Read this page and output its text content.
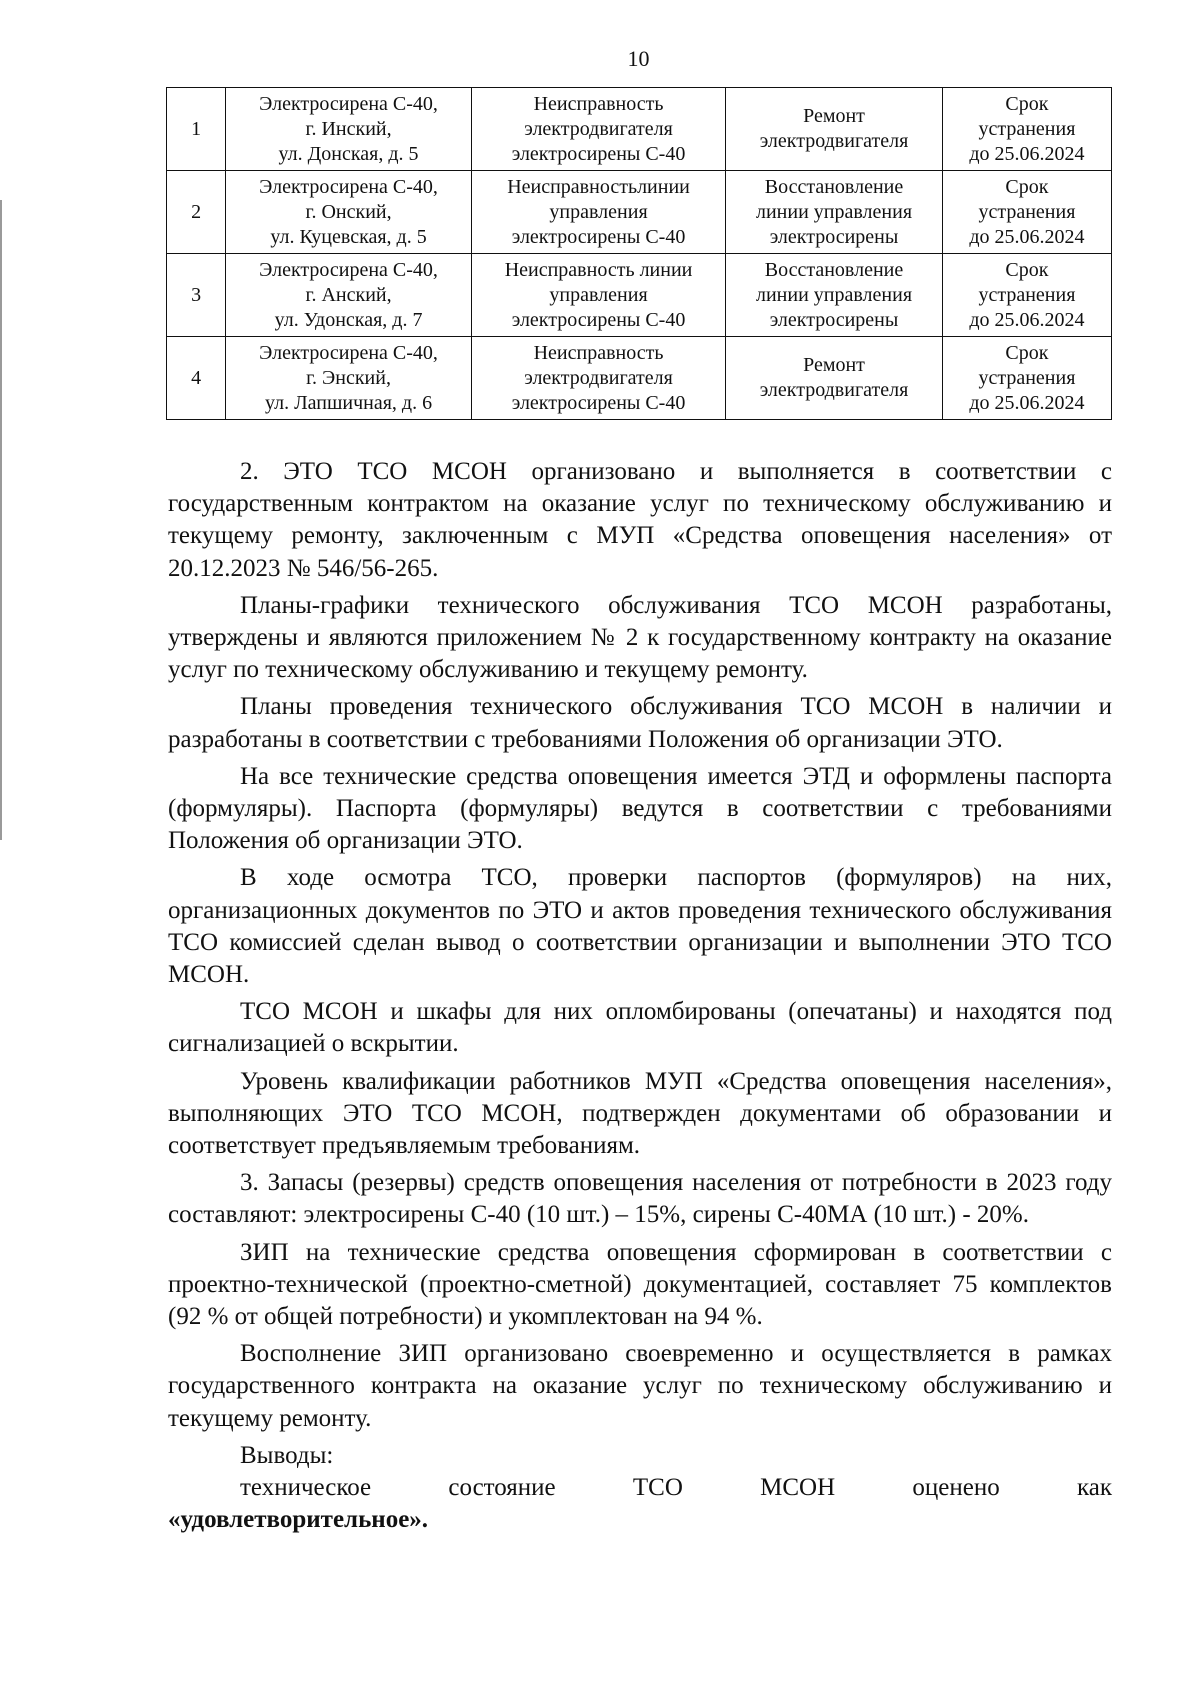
10
1	Электросирена С-40,
г. Инский,
ул. Донская, д. 5	Неисправность
электродвигателя
электросирены С-40	Ремонт
электродвигателя	Срок
устранения
до 25.06.2024

2	Электросирена С-40,
г. Онский,
ул. Куцевская, д. 5	Неисправностьлинии
управления
электросирены С-40	Восстановление
линии управления
электросирены	Срок
устранения
до 25.06.2024

3	Электросирена С-40,
г. Анский,
ул. Удонская, д. 7	Неисправность линии
управления
электросирены С-40	Восстановление
линии управления
электросирены	Срок
устранения
до 25.06.2024

4	Электросирена С-40,
г. Энский,
ул. Лапшичная, д. 6	Неисправность
электродвигателя
электросирены С-40	Ремонт
электродвигателя	Срок
устранения
до 25.06.2024

2. ЭТО ТСО МСОН организовано и выполняется в соответствии с государственным контрактом на оказание услуг по техническому обслуживанию и текущему ремонту, заключенным с МУП «Средства оповещения населения» от 20.12.2023 № 546/56-265.

Планы-графики технического обслуживания ТСО МСОН разработаны, утверждены и являются приложением № 2 к государственному контракту на оказание услуг по техническому обслуживанию и текущему ремонту.

Планы проведения технического обслуживания ТСО МСОН в наличии и разработаны в соответствии с требованиями Положения об организации ЭТО.

На все технические средства оповещения имеется ЭТД и оформлены паспорта (формуляры). Паспорта (формуляры) ведутся в соответствии с требованиями Положения об организации ЭТО.

В ходе осмотра ТСО, проверки паспортов (формуляров) на них, организационных документов по ЭТО и актов проведения технического обслуживания ТСО комиссией сделан вывод о соответствии организации и выполнении ЭТО ТСО МСОН.

ТСО МСОН и шкафы для них опломбированы (опечатаны) и находятся под сигнализацией о вскрытии.

Уровень квалификации работников МУП «Средства оповещения населения», выполняющих ЭТО ТСО МСОН, подтвержден документами об образовании и соответствует предъявляемым требованиям.

3. Запасы (резервы) средств оповещения населения от потребности в 2023 году составляют: электросирены С-40 (10 шт.) – 15%, сирены С-40МА (10 шт.) - 20%.

ЗИП на технические средства оповещения сформирован в соответствии с проектно-технической (проектно-сметной) документацией, составляет 75 комплектов (92 % от общей потребности) и укомплектован на 94 %.

Восполнение ЗИП организовано своевременно и осуществляется в рамках государственного контракта на оказание услуг по техническому обслуживанию и текущему ремонту.

Выводы:

техническое состояние ТСО МСОН оценено как

«удовлетворительное».
